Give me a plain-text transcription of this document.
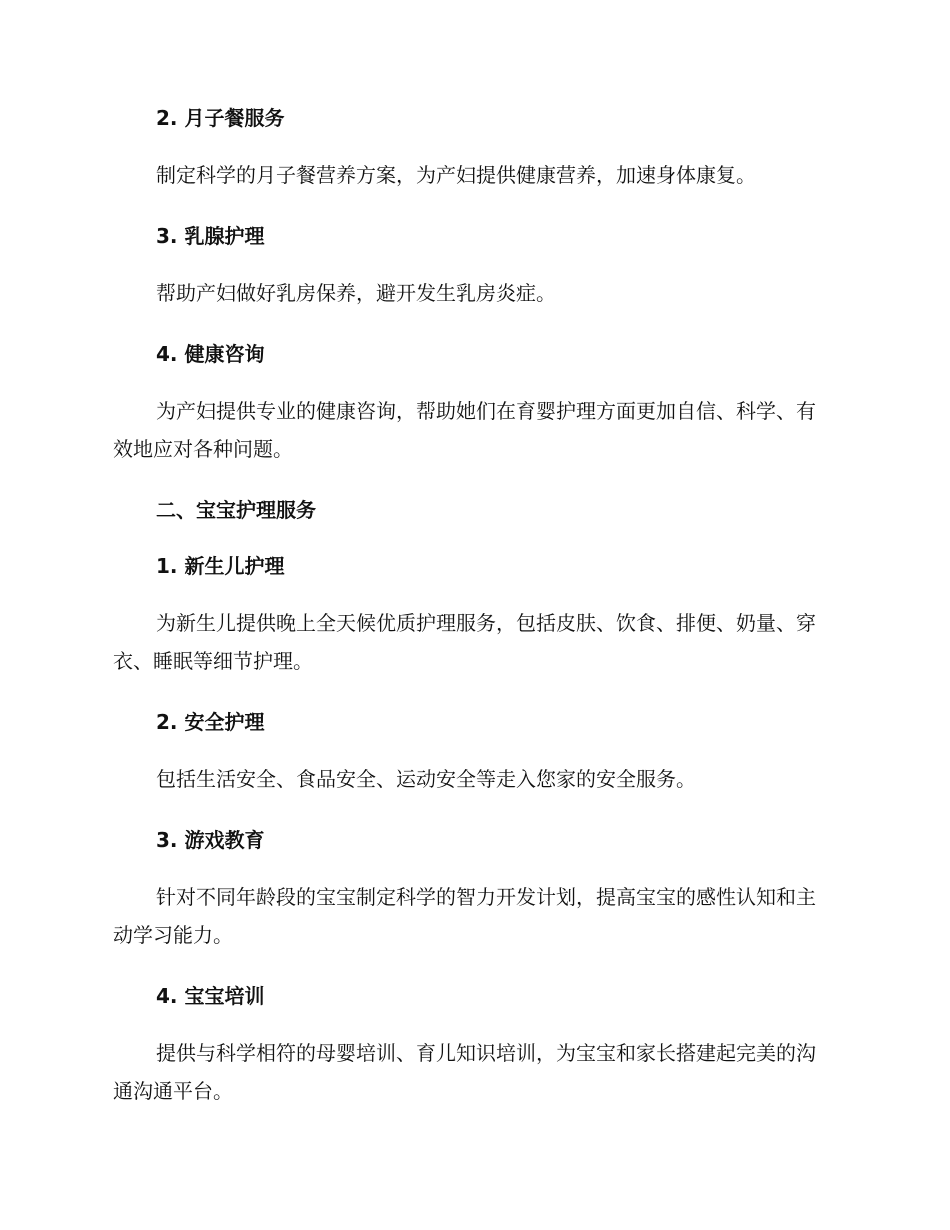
2. 月子餐服务

制定科学的月子餐营养方案，为产妇提供健康营养，加速身体康复。

3. 乳腺护理

帮助产妇做好乳房保养，避开发生乳房炎症。

4. 健康咨询

为产妇提供专业的健康咨询，帮助她们在育婴护理方面更加自信、科学、有效地应对各种问题。

二、宝宝护理服务
1. 新生儿护理

为新生儿提供晚上全天候优质护理服务，包括皮肤、饮食、排便、奶量、穿衣、睡眠等细节护理。

2. 安全护理

包括生活安全、食品安全、运动安全等走入您家的安全服务。

3. 游戏教育

针对不同年龄段的宝宝制定科学的智力开发计划，提高宝宝的感性认知和主动学习能力。

4. 宝宝培训

提供与科学相符的母婴培训、育儿知识培训，为宝宝和家长搭建起完美的沟通沟通平台。
